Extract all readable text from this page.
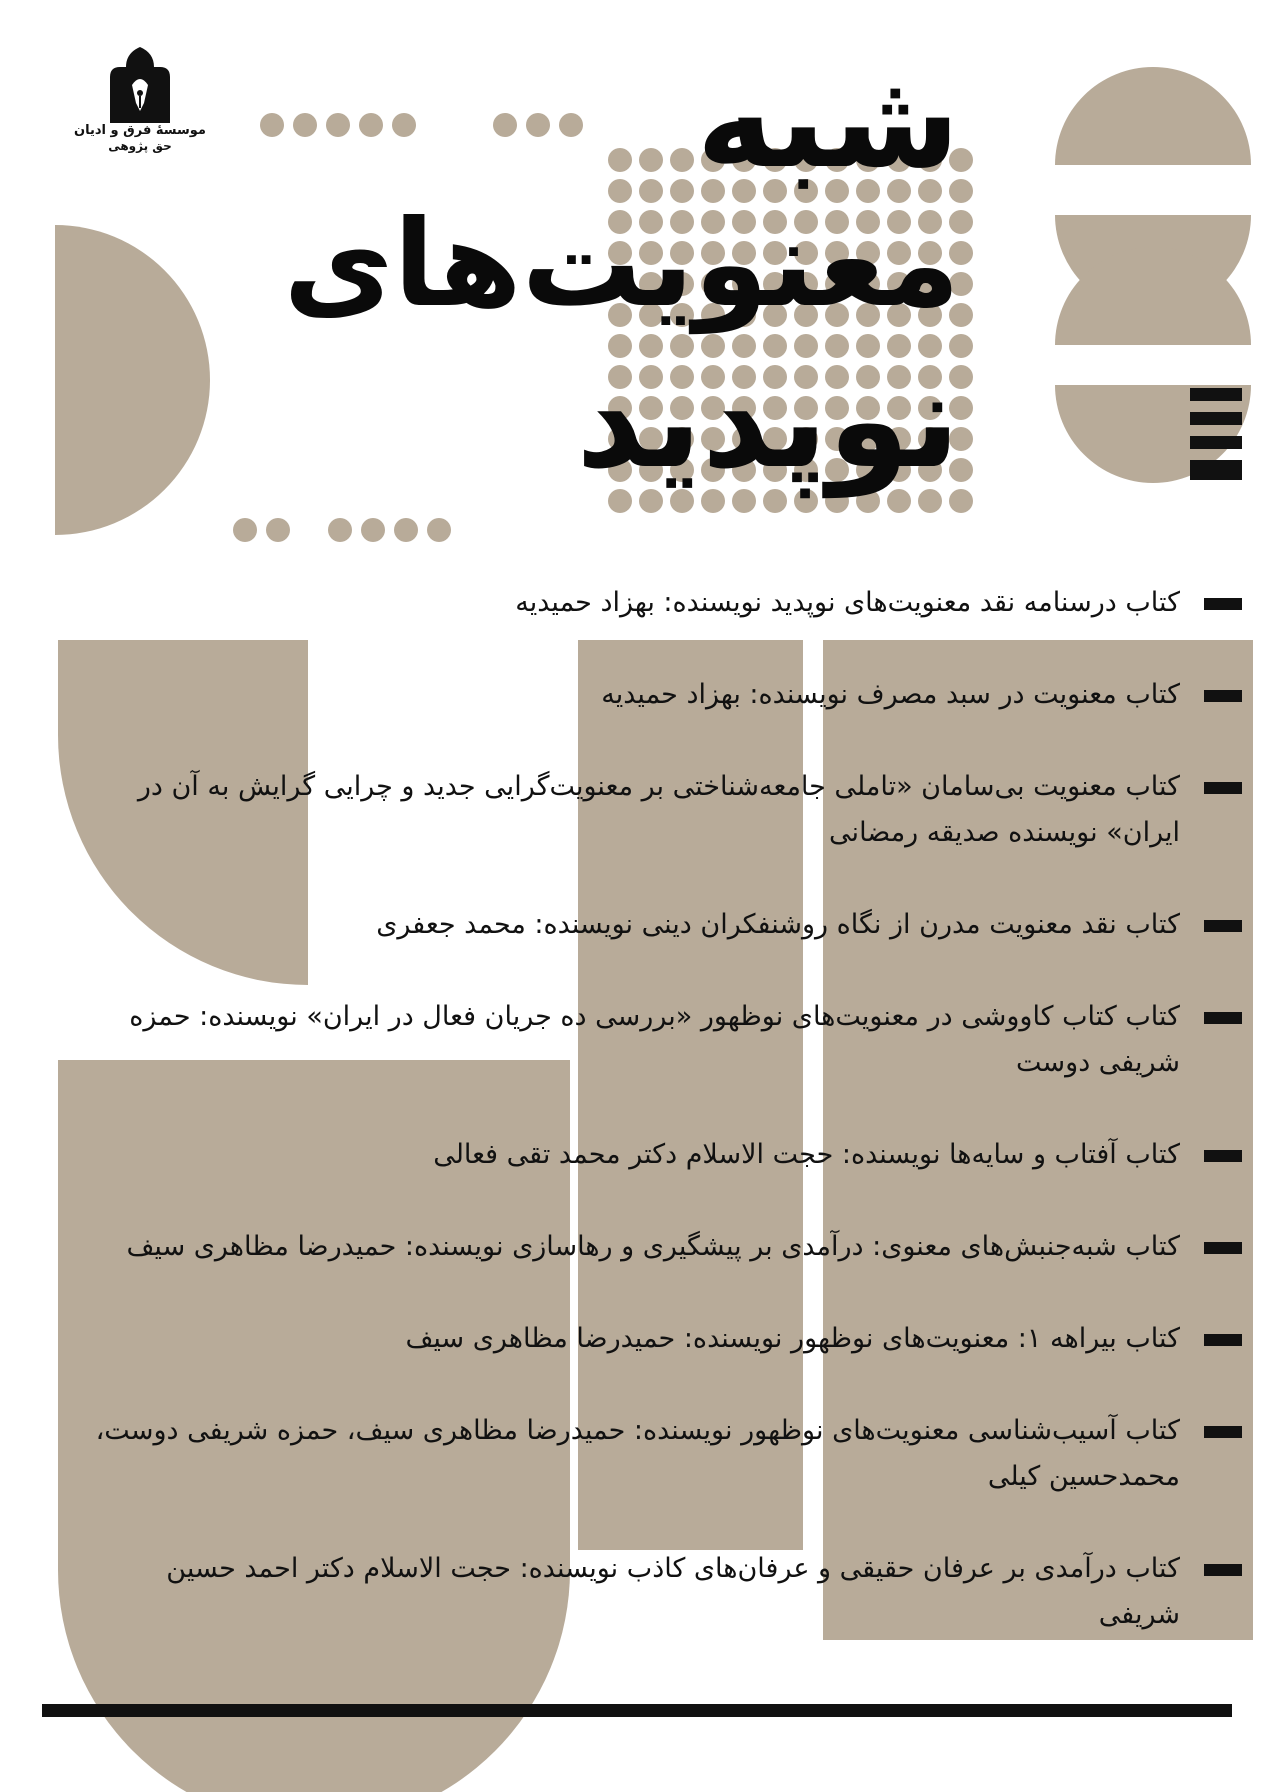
موسسهٔ فرق و ادیان
حق پژوهی	شبه
معنویت‌های
نوپدید
کتاب درسنامه نقد معنویت‌های نوپدید نویسنده: بهزاد حمیدیه
کتاب معنویت در سبد مصرف نویسنده: بهزاد حمیدیه
کتاب معنویت بی‌سامان «تاملی جامعه‌شناختی بر معنویت‌گرایی جدید و چرایی گرایش به آن در ایران» نویسنده صدیقه رمضانی
کتاب نقد معنویت مدرن از نگاه روشنفکران دینی نویسنده: محمد جعفری
کتاب کتاب کاووشی در معنویت‌های نوظهور «بررسی ده جریان فعال در ایران» نویسنده: حمزه شریفی دوست
کتاب آفتاب و سایه‌ها نویسنده: حجت الاسلام دکتر محمد تقی فعالی
کتاب شبه‌جنبش‌های معنوی: درآمدی بر پیشگیری و رهاسازی نویسنده: حمیدرضا مظاهری سیف
کتاب بیراهه ۱: معنویت‌های نوظهور نویسنده: حمیدرضا مظاهری سیف
کتاب آسیب‌شناسی معنویت‌های نوظهور نویسنده: حمیدرضا مظاهری سیف، حمزه شریفی دوست، محمدحسین کیلی
کتاب درآمدی بر عرفان حقیقی و عرفان‌های کاذب نویسنده: حجت الاسلام دکتر احمد حسین شریفی
